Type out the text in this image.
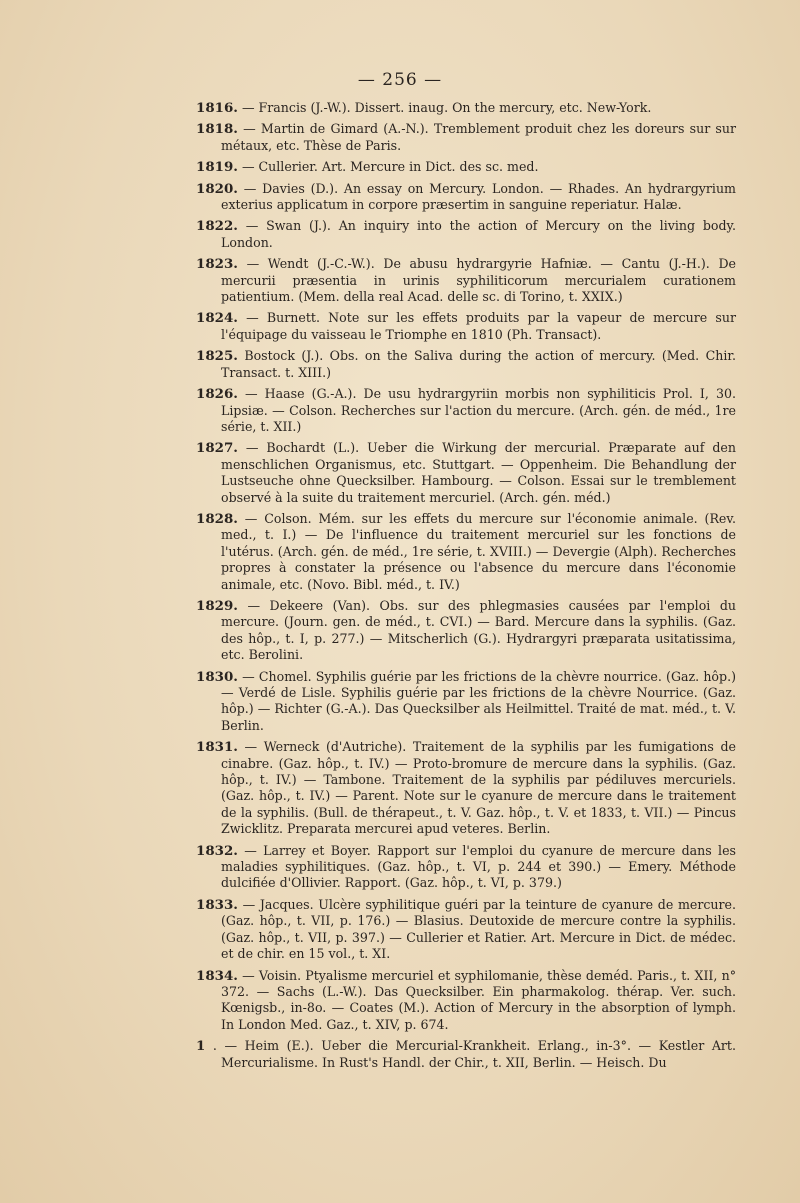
— 256 —

1816. — Francis (J.-W.). Dissert. inaug. On the mercury, etc. New-York.

1818. — Martin de Gimard (A.-N.). Tremblement produit chez les doreurs sur sur métaux, etc. Thèse de Paris.

1819. — Cullerier. Art. Mercure in Dict. des sc. med.

1820. — Davies (D.). An essay on Mercury. London. — Rhades. An hydrargyrium exterius applicatum in corpore præsertim in sanguine reperiatur. Halæ.

1822. — Swan (J.). An inquiry into the action of Mercury on the living body. London.

1823. — Wendt (J.-C.-W.). De abusu hydrargyrie Hafniæ. — Cantu (J.-H.). De mercurii præsentia in urinis syphiliticorum mercurialem curationem patientium. (Mem. della real Acad. delle sc. di Torino, t. XXIX.)

1824. — Burnett. Note sur les effets produits par la vapeur de mercure sur l'équipage du vaisseau le Triomphe en 1810 (Ph. Transact).

1825. Bostock (J.). Obs. on the Saliva during the action of mercury. (Med. Chir. Transact. t. XIII.)

1826. — Haase (G.-A.). De usu hydrargyriin morbis non syphiliticis Prol. I, 30. Lipsiæ. — Colson. Recherches sur l'action du mercure. (Arch. gén. de méd., 1re série, t. XII.)

1827. — Bochardt (L.). Ueber die Wirkung der mercurial. Præparate auf den menschlichen Organismus, etc. Stuttgart. — Oppenheim. Die Behandlung der Lustseuche ohne Quecksilber. Hambourg. — Colson. Essai sur le tremblement observé à la suite du traitement mercuriel. (Arch. gén. méd.)

1828. — Colson. Mém. sur les effets du mercure sur l'économie animale. (Rev. med., t. I.) — De l'influence du traitement mercuriel sur les fonctions de l'utérus. (Arch. gén. de méd., 1re série, t. XVIII.) — Devergie (Alph). Recherches propres à constater la présence ou l'absence du mercure dans l'économie animale, etc. (Novo. Bibl. méd., t. IV.)

1829. — Dekeere (Van). Obs. sur des phlegmasies causées par l'emploi du mercure. (Journ. gen. de méd., t. CVI.) — Bard. Mercure dans la syphilis. (Gaz. des hôp., t. I, p. 277.) — Mitscherlich (G.). Hydrargyri præparata usitatissima, etc. Berolini.

1830. — Chomel. Syphilis guérie par les frictions de la chèvre nourrice. (Gaz. hôp.) — Verdé de Lisle. Syphilis guérie par les frictions de la chèvre Nourrice. (Gaz. hôp.) — Richter (G.-A.). Das Quecksilber als Heilmittel. Traité de mat. méd., t. V. Berlin.

1831. — Werneck (d'Autriche). Traitement de la syphilis par les fumigations de cinabre. (Gaz. hôp., t. IV.) — Proto-bromure de mercure dans la syphilis. (Gaz. hôp., t. IV.) — Tambone. Traitement de la syphilis par pédiluves mercuriels. (Gaz. hôp., t. IV.) — Parent. Note sur le cyanure de mercure dans le traitement de la syphilis. (Bull. de thérapeut., t. V. Gaz. hôp., t. V. et 1833, t. VII.) — Pincus Zwicklitz. Preparata mercurei apud veteres. Berlin.

1832. — Larrey et Boyer. Rapport sur l'emploi du cyanure de mercure dans les maladies syphilitiques. (Gaz. hôp., t. VI, p. 244 et 390.) — Emery. Méthode dulcifiée d'Ollivier. Rapport. (Gaz. hôp., t. VI, p. 379.)

1833. — Jacques. Ulcère syphilitique guéri par la teinture de cyanure de mercure. (Gaz. hôp., t. VII, p. 176.) — Blasius. Deutoxide de mercure contre la syphilis. (Gaz. hôp., t. VII, p. 397.) — Cullerier et Ratier. Art. Mercure in Dict. de médec. et de chir. en 15 vol., t. XI.

1834. — Voisin. Ptyalisme mercuriel et syphilomanie, thèse deméd. Paris., t. XII, n° 372. — Sachs (L.-W.). Das Quecksilber. Ein pharmakolog. thérap. Ver. such. Kœnigsb., in-8o. — Coates (M.). Action of Mercury in the absorption of lymph. In London Med. Gaz., t. XIV, p. 674.

1 . — Heim (E.). Ueber die Mercurial-Krankheit. Erlang., in-3°. — Kestler Art. Mercurialisme. In Rust's Handl. der Chir., t. XII, Berlin. — Heisch. Du
